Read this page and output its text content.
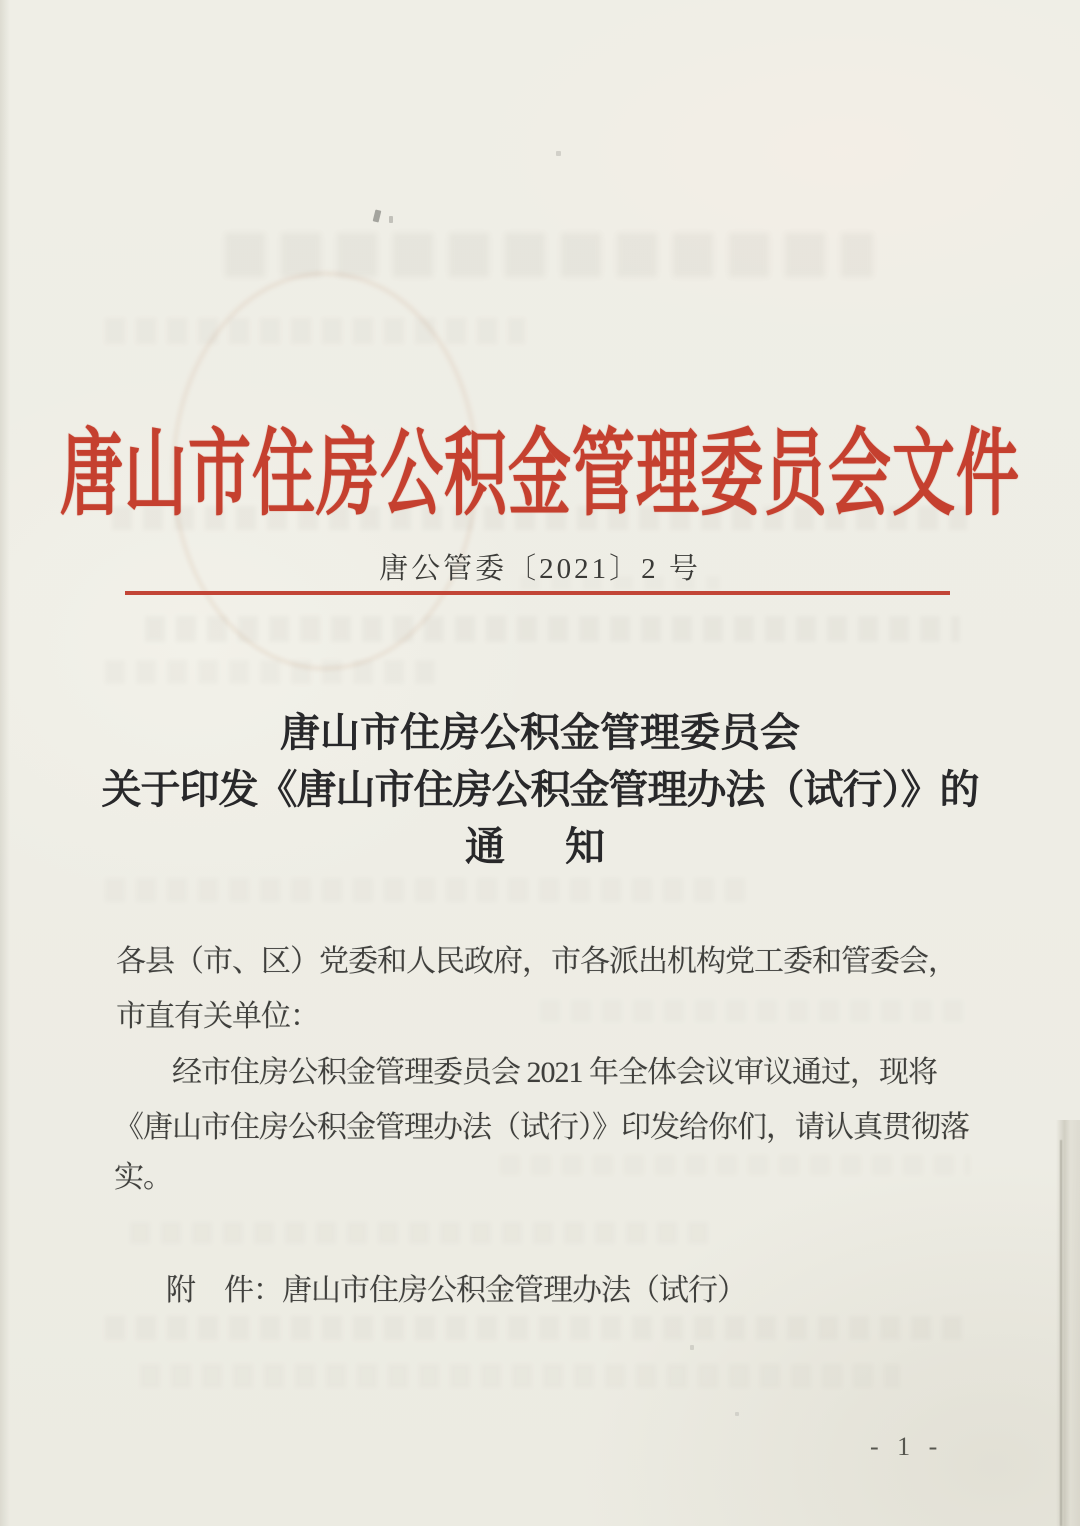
唐山市住房公积金管理委员会文件
唐公管委〔2021〕2 号
唐山市住房公积金管理委员会
关于印发《唐山市住房公积金管理办法（试行）》的
通　知
各县（市、区）党委和人民政府，市各派出机构党工委和管委会，
市直有关单位：
经市住房公积金管理委员会 2021 年全体会议审议通过，现将
《唐山市住房公积金管理办法（试行）》印发给你们，请认真贯彻落
实。
附　件：唐山市住房公积金管理办法（试行）
- 1 -
